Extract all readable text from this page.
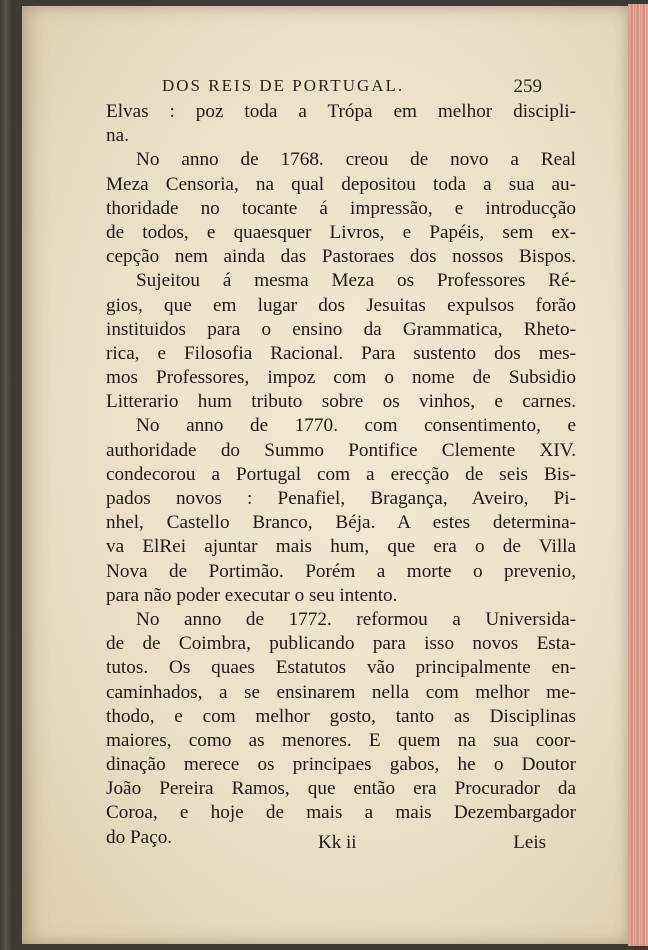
DOS REIS DE PORTUGAL.	259
Elvas : poz toda a Trópa em melhor discipli-
na.
No anno de 1768. creou de novo a Real
Meza Censoria, na qual depositou toda a sua au-
thoridade no tocante á impressão, e introducção
de todos, e quaesquer Livros, e Papéis, sem ex-
cepção nem ainda das Pastoraes dos nossos Bispos.
Sujeitou á mesma Meza os Professores Ré-
gios, que em lugar dos Jesuitas expulsos forão
instituidos para o ensino da Grammatica, Rheto-
rica, e Filosofia Racional. Para sustento dos mes-
mos Professores, impoz com o nome de Subsidio
Litterario hum tributo sobre os vinhos, e carnes.
No anno de 1770. com consentimento, e
authoridade do Summo Pontifice Clemente XIV.
condecorou a Portugal com a erecção de seis Bis-
pados novos : Penafiel, Bragança, Aveiro, Pi-
nhel, Castello Branco, Béja. A estes determina-
va ElRei ajuntar mais hum, que era o de Villa
Nova de Portimão. Porém a morte o prevenio,
para não poder executar o seu intento.
No anno de 1772. reformou a Universida-
de de Coimbra, publicando para isso novos Esta-
tutos. Os quaes Estatutos vão principalmente en-
caminhados, a se ensinarem nella com melhor me-
thodo, e com melhor gosto, tanto as Disciplinas
maiores, como as menores. E quem na sua coor-
dinação merece os principaes gabos, he o Doutor
João Pereira Ramos, que então era Procurador da
Coroa, e hoje de mais a mais Dezembargador
do Paço.	Kk ii	Leis
